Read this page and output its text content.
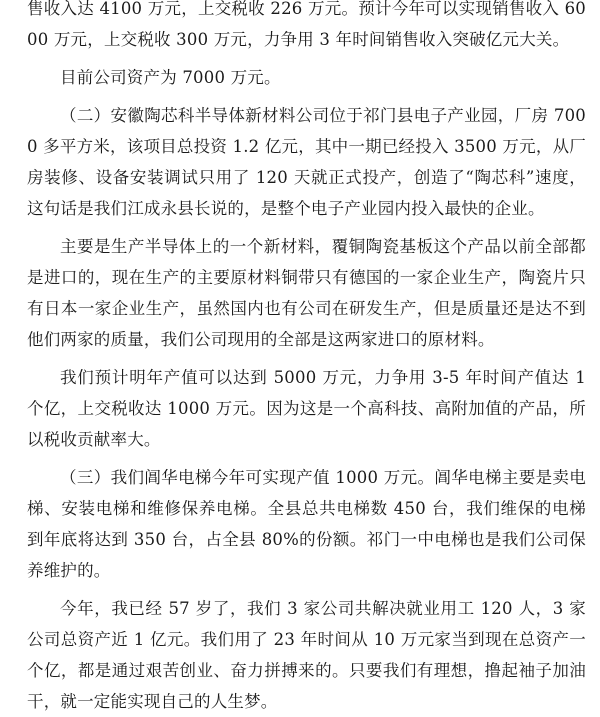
售收入达 4100 万元，上交税收 226 万元。预计今年可以实现销售收入 6000 万元，上交税收 300 万元，力争用 3 年时间销售收入突破亿元大关。

目前公司资产为 7000 万元。

（二）安徽陶芯科半导体新材料公司位于祁门县电子产业园，厂房 7000 多平方米，该项目总投资 1.2 亿元，其中一期已经投入 3500 万元，从厂房装修、设备安装调试只用了 120 天就正式投产，创造了“陶芯科”速度，这句话是我们江成永县长说的，是整个电子产业园内投入最快的企业。

主要是生产半导体上的一个新材料，覆铜陶瓷基板这个产品以前全部都是进口的，现在生产的主要原材料铜带只有德国的一家企业生产，陶瓷片只有日本一家企业生产，虽然国内也有公司在研发生产，但是质量还是达不到他们两家的质量，我们公司现用的全部是这两家进口的原材料。

我们预计明年产值可以达到 5000 万元，力争用 3-5 年时间产值达 1 个亿，上交税收达 1000 万元。因为这是一个高科技、高附加值的产品，所以税收贡献率大。

（三）我们阊华电梯今年可实现产值 1000 万元。阊华电梯主要是卖电梯、安装电梯和维修保养电梯。全县总共电梯数 450 台，我们维保的电梯到年底将达到 350 台，占全县 80%的份额。祁门一中电梯也是我们公司保养维护的。

今年，我已经 57 岁了，我们 3 家公司共解决就业用工 120 人，3 家公司总资产近 1 亿元。我们用了 23 年时间从 10 万元家当到现在总资产一个亿，都是通过艰苦创业、奋力拼搏来的。只要我们有理想，撸起袖子加油干，就一定能实现自己的人生梦。
